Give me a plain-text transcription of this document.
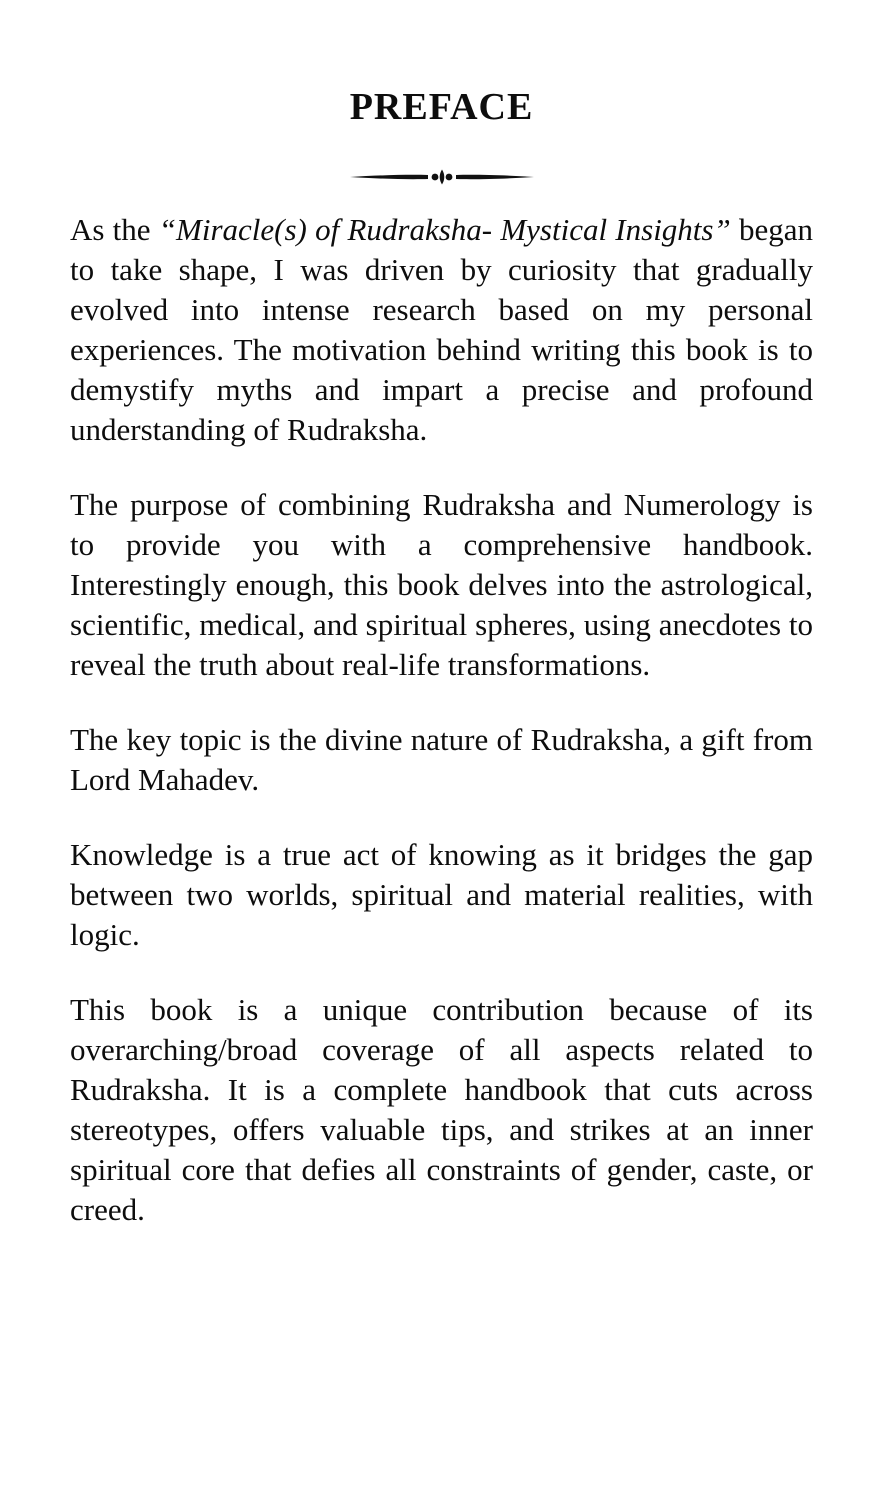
PREFACE

As the “Miracle(s) of Rudraksha- Mystical Insights” began to take shape, I was driven by curiosity that gradually evolved into intense research based on my personal experiences. The motivation behind writing this book is to demystify myths and impart a precise and profound understanding of Rudraksha.

The purpose of combining Rudraksha and Numerology is to provide you with a comprehensive handbook. Interestingly enough, this book delves into the astrological, scientific, medical, and spiritual spheres, using anecdotes to reveal the truth about real-life transformations.

The key topic is the divine nature of Rudraksha, a gift from Lord Mahadev.

Knowledge is a true act of knowing as it bridges the gap between two worlds, spiritual and material realities, with logic.

This book is a unique contribution because of its overarching/broad coverage of all aspects related to Rudraksha. It is a complete handbook that cuts across stereotypes, offers valuable tips, and strikes at an inner spiritual core that defies all constraints of gender, caste, or creed.
